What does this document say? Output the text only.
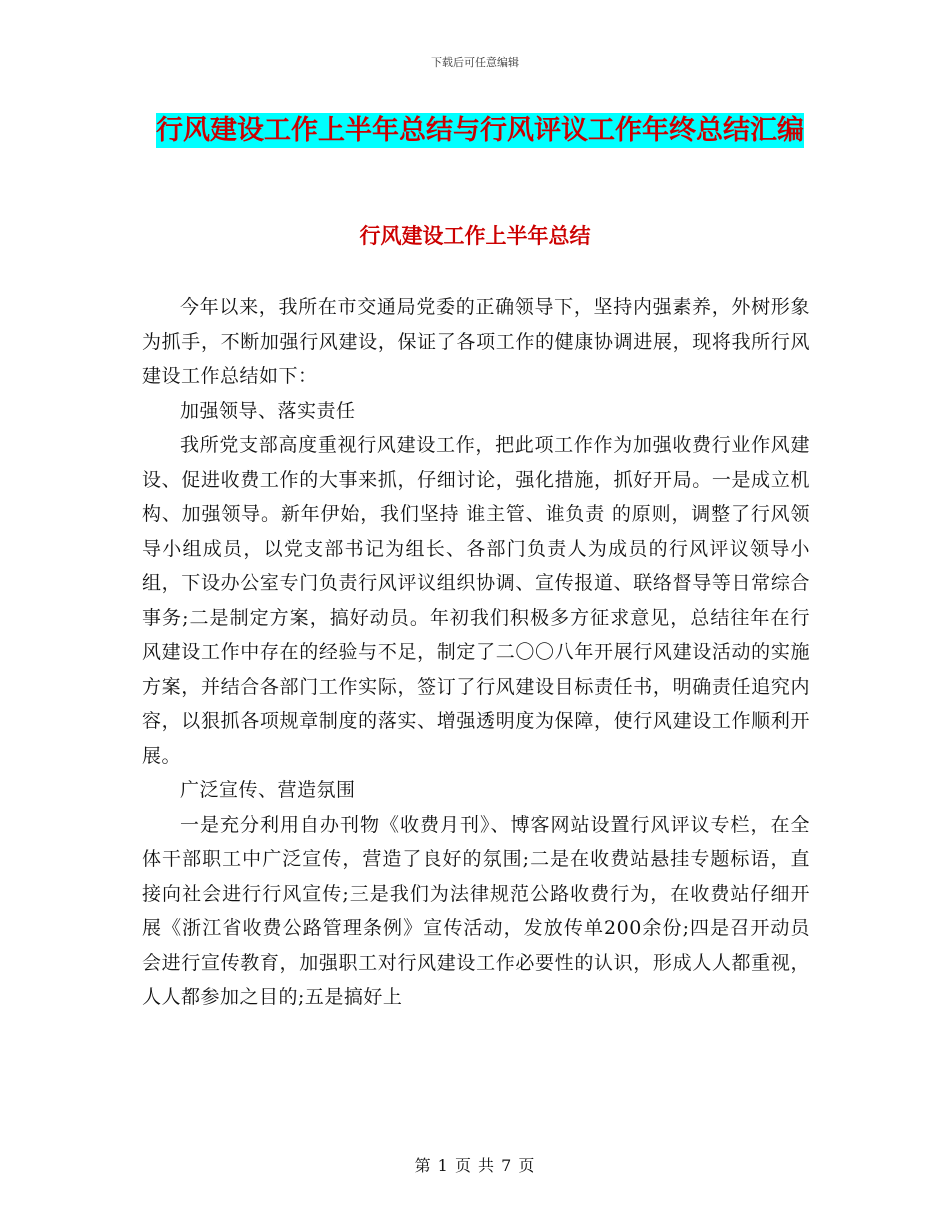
下载后可任意编辑
行风建设工作上半年总结与行风评议工作年终总结汇编
行风建设工作上半年总结

今年以来，我所在市交通局党委的正确领导下，坚持内强素养，外树形象为抓手，不断加强行风建设，保证了各项工作的健康协调进展，现将我所行风建设工作总结如下：

加强领导、落实责任

我所党支部高度重视行风建设工作，把此项工作作为加强收费行业作风建设、促进收费工作的大事来抓，仔细讨论，强化措施，抓好开局。一是成立机构、加强领导。新年伊始，我们坚持 谁主管、谁负责 的原则，调整了行风领导小组成员，以党支部书记为组长、各部门负责人为成员的行风评议领导小组，下设办公室专门负责行风评议组织协调、宣传报道、联络督导等日常综合事务;二是制定方案，搞好动员。年初我们积极多方征求意见，总结往年在行风建设工作中存在的经验与不足，制定了二〇〇八年开展行风建设活动的实施方案，并结合各部门工作实际，签订了行风建设目标责任书，明确责任追究内容，以狠抓各项规章制度的落实、增强透明度为保障，使行风建设工作顺利开展。

广泛宣传、营造氛围

一是充分利用自办刊物《收费月刊》、博客网站设置行风评议专栏，在全体干部职工中广泛宣传，营造了良好的氛围;二是在收费站悬挂专题标语，直接向社会进行行风宣传;三是我们为法律规范公路收费行为，在收费站仔细开展《浙江省收费公路管理条例》宣传活动，发放传单200余份;四是召开动员会进行宣传教育，加强职工对行风建设工作必要性的认识，形成人人都重视，人人都参加之目的;五是搞好上

第 1 页 共 7 页
